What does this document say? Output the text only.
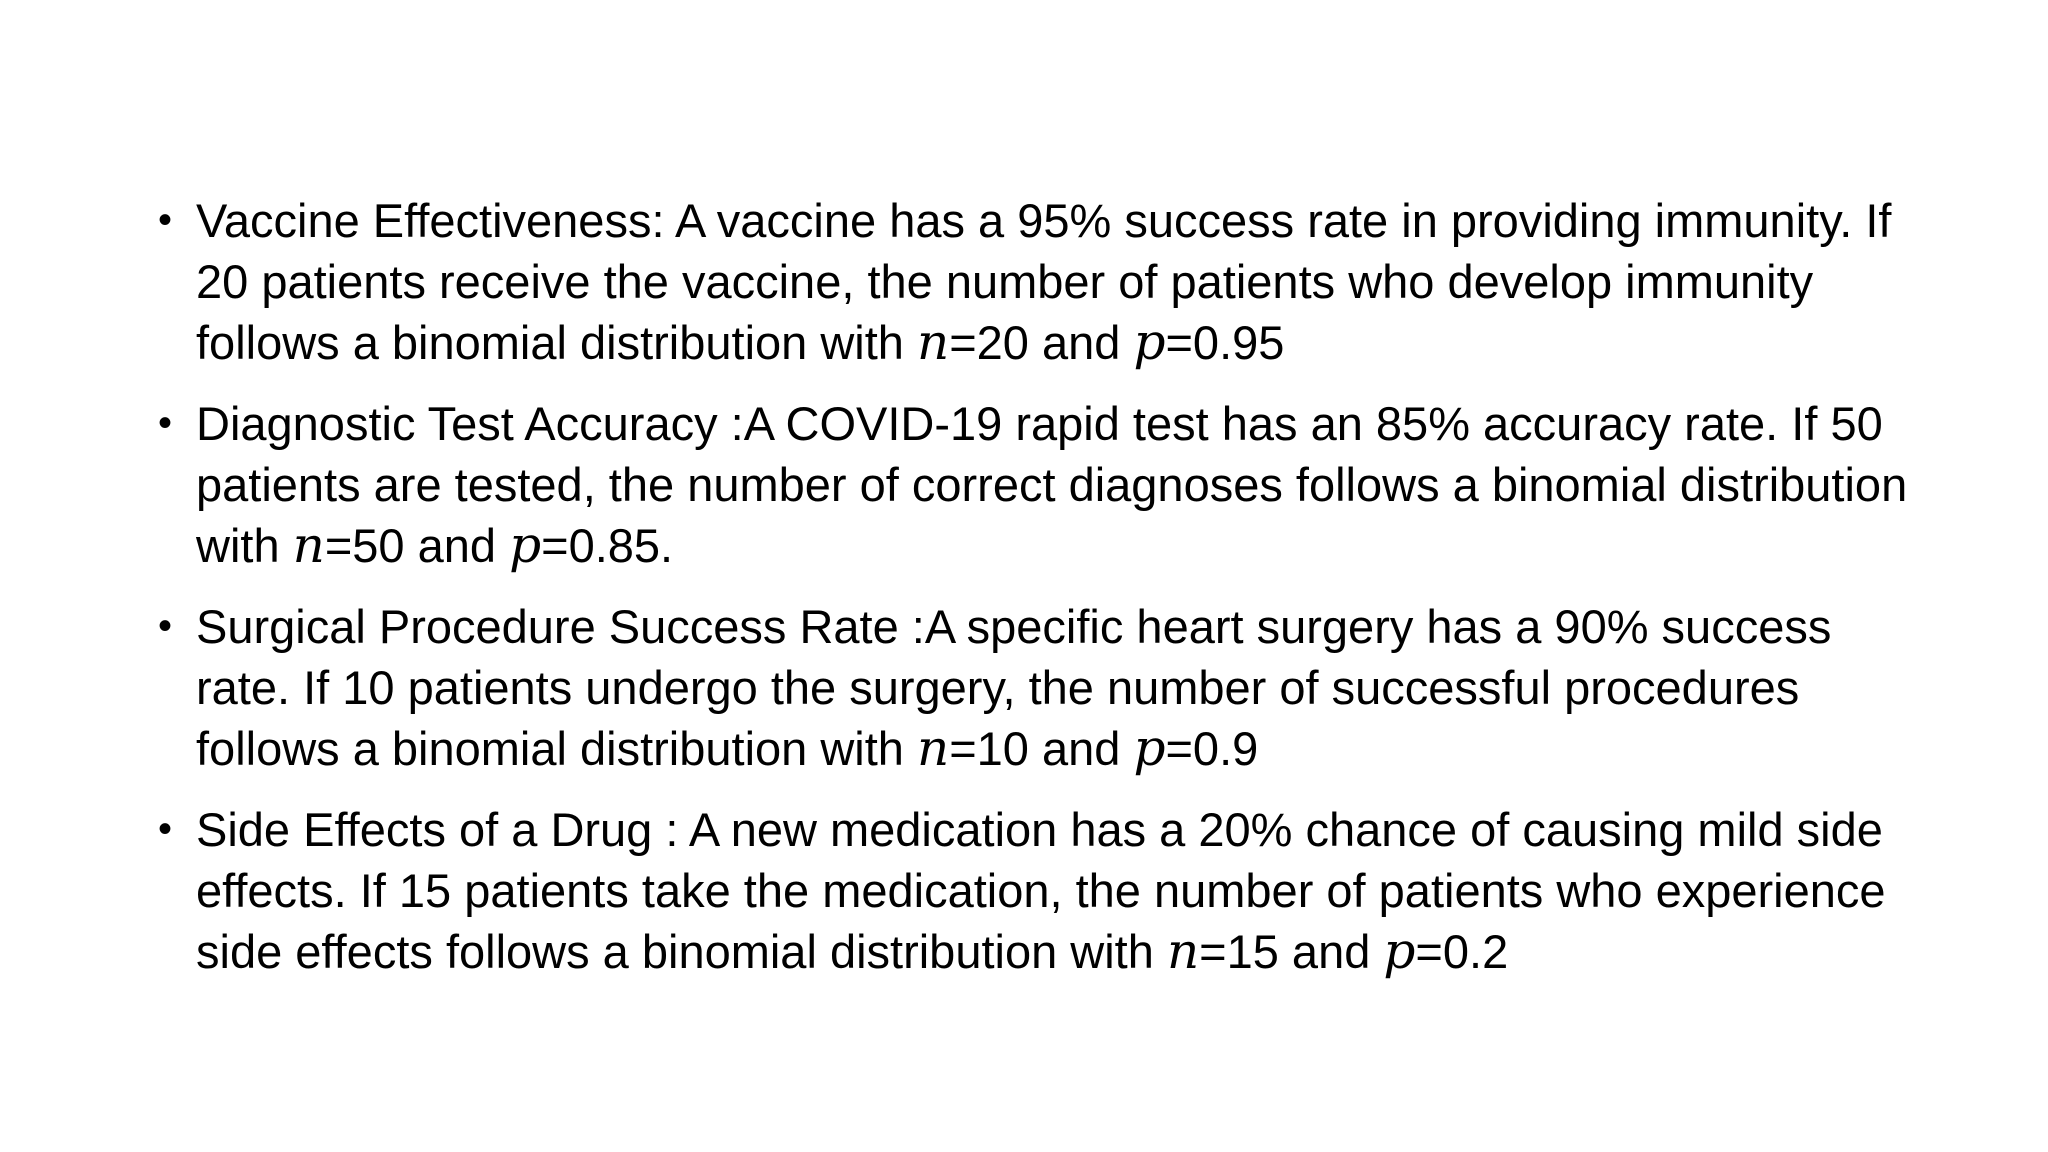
• Vaccine Effectiveness: A vaccine has a 95% success rate in providing immunity. If 20 patients receive the vaccine, the number of patients who develop immunity follows a binomial distribution with n=20 and p=0.95
• Diagnostic Test Accuracy :A COVID-19 rapid test has an 85% accuracy rate. If 50 patients are tested, the number of correct diagnoses follows a binomial distribution with n=50 and p=0.85.
• Surgical Procedure Success Rate :A specific heart surgery has a 90% success rate. If 10 patients undergo the surgery, the number of successful procedures follows a binomial distribution with n=10 and p=0.9
• Side Effects of a Drug : A new medication has a 20% chance of causing mild side effects. If 15 patients take the medication, the number of patients who experience side effects follows a binomial distribution with n=15 and p=0.2
